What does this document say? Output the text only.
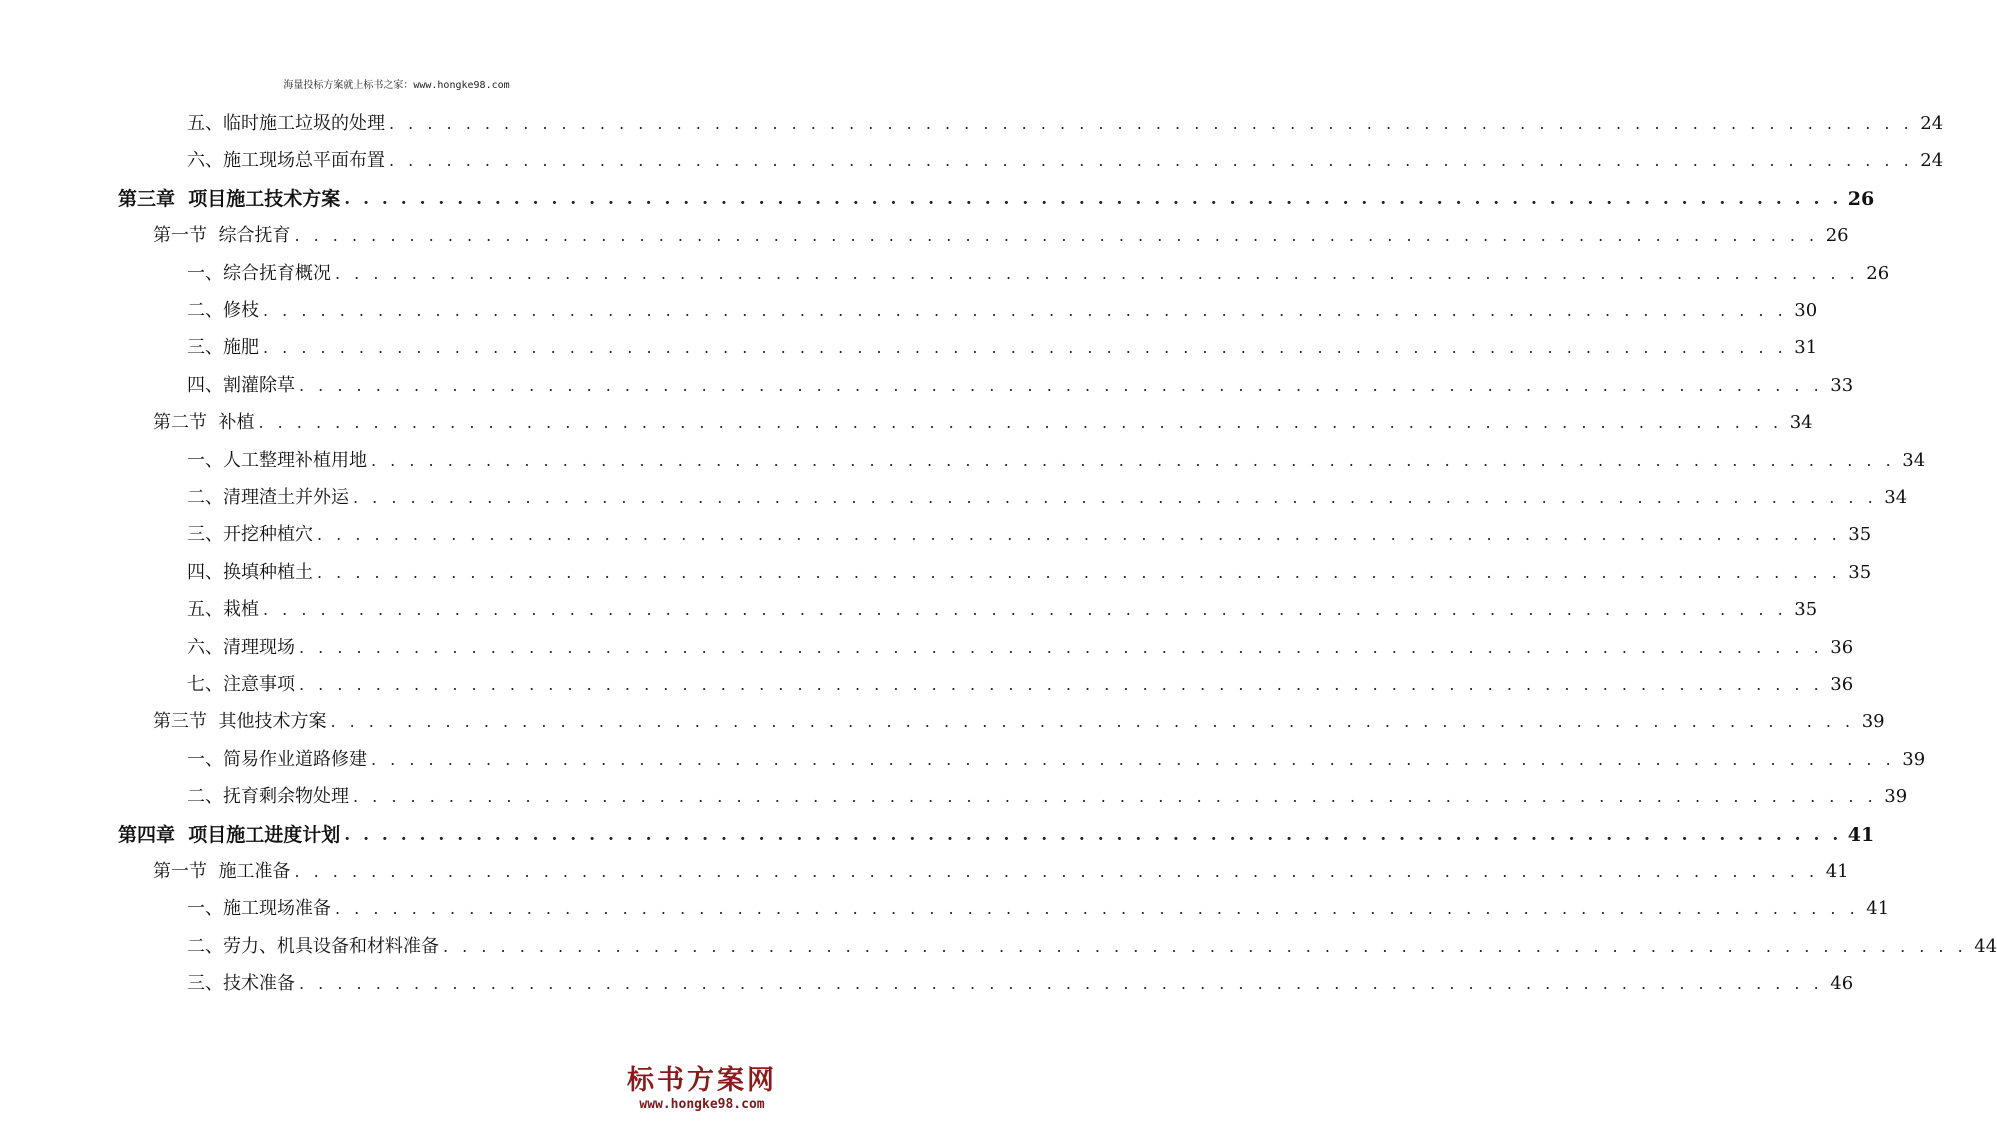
海量投标方案就上标书之家：www.hongke98.com
五、临时施工垃圾的处理 . . . . . . . . . . . . . . . . . . . . . . . . . . . . . . . . . . . . . . . . . . . . . . . . . . . . . . . . . . . . . . . . . . . . . . . . . . . . . . . . 24
六、施工现场总平面布置 . . . . . . . . . . . . . . . . . . . . . . . . . . . . . . . . . . . . . . . . . . . . . . . . . . . . . . . . . . . . . . . . . . . . . . . . . . . . . . . . 24
第三章  项目施工技术方案 . . . . . . . . . . . . . . . . . . . . . . . . . . . . . . . . . . . . . . . . . . . . . . . . . . . . . . . . . . . . . . . . . . . . . . . . . . . . . . . . 26
第一节  综合抚育 . . . . . . . . . . . . . . . . . . . . . . . . . . . . . . . . . . . . . . . . . . . . . . . . . . . . . . . . . . . . . . . . . . . . . . . . . . . . . . . . 26
一、综合抚育概况 . . . . . . . . . . . . . . . . . . . . . . . . . . . . . . . . . . . . . . . . . . . . . . . . . . . . . . . . . . . . . . . . . . . . . . . . . . . . . . . . 26
二、修枝 . . . . . . . . . . . . . . . . . . . . . . . . . . . . . . . . . . . . . . . . . . . . . . . . . . . . . . . . . . . . . . . . . . . . . . . . . . . . . . . . 30
三、施肥 . . . . . . . . . . . . . . . . . . . . . . . . . . . . . . . . . . . . . . . . . . . . . . . . . . . . . . . . . . . . . . . . . . . . . . . . . . . . . . . . 31
四、割灌除草 . . . . . . . . . . . . . . . . . . . . . . . . . . . . . . . . . . . . . . . . . . . . . . . . . . . . . . . . . . . . . . . . . . . . . . . . . . . . . . . . 33
第二节  补植 . . . . . . . . . . . . . . . . . . . . . . . . . . . . . . . . . . . . . . . . . . . . . . . . . . . . . . . . . . . . . . . . . . . . . . . . . . . . . . . . 34
一、人工整理补植用地 . . . . . . . . . . . . . . . . . . . . . . . . . . . . . . . . . . . . . . . . . . . . . . . . . . . . . . . . . . . . . . . . . . . . . . . . . . . . . . . . 34
二、清理渣土并外运 . . . . . . . . . . . . . . . . . . . . . . . . . . . . . . . . . . . . . . . . . . . . . . . . . . . . . . . . . . . . . . . . . . . . . . . . . . . . . . . . 34
三、开挖种植穴 . . . . . . . . . . . . . . . . . . . . . . . . . . . . . . . . . . . . . . . . . . . . . . . . . . . . . . . . . . . . . . . . . . . . . . . . . . . . . . . . 35
四、换填种植土 . . . . . . . . . . . . . . . . . . . . . . . . . . . . . . . . . . . . . . . . . . . . . . . . . . . . . . . . . . . . . . . . . . . . . . . . . . . . . . . . 35
五、栽植 . . . . . . . . . . . . . . . . . . . . . . . . . . . . . . . . . . . . . . . . . . . . . . . . . . . . . . . . . . . . . . . . . . . . . . . . . . . . . . . . 35
六、清理现场 . . . . . . . . . . . . . . . . . . . . . . . . . . . . . . . . . . . . . . . . . . . . . . . . . . . . . . . . . . . . . . . . . . . . . . . . . . . . . . . . 36
七、注意事项 . . . . . . . . . . . . . . . . . . . . . . . . . . . . . . . . . . . . . . . . . . . . . . . . . . . . . . . . . . . . . . . . . . . . . . . . . . . . . . . . 36
第三节  其他技术方案 . . . . . . . . . . . . . . . . . . . . . . . . . . . . . . . . . . . . . . . . . . . . . . . . . . . . . . . . . . . . . . . . . . . . . . . . . . . . . . . . 39
一、简易作业道路修建 . . . . . . . . . . . . . . . . . . . . . . . . . . . . . . . . . . . . . . . . . . . . . . . . . . . . . . . . . . . . . . . . . . . . . . . . . . . . . . . . 39
二、抚育剩余物处理 . . . . . . . . . . . . . . . . . . . . . . . . . . . . . . . . . . . . . . . . . . . . . . . . . . . . . . . . . . . . . . . . . . . . . . . . . . . . . . . . 39
第四章  项目施工进度计划 . . . . . . . . . . . . . . . . . . . . . . . . . . . . . . . . . . . . . . . . . . . . . . . . . . . . . . . . . . . . . . . . . . . . . . . . . . . . . . . . 41
第一节  施工准备 . . . . . . . . . . . . . . . . . . . . . . . . . . . . . . . . . . . . . . . . . . . . . . . . . . . . . . . . . . . . . . . . . . . . . . . . . . . . . . . . 41
一、施工现场准备 . . . . . . . . . . . . . . . . . . . . . . . . . . . . . . . . . . . . . . . . . . . . . . . . . . . . . . . . . . . . . . . . . . . . . . . . . . . . . . . . 41
二、劳力、机具设备和材料准备 . . . . . . . . . . . . . . . . . . . . . . . . . . . . . . . . . . . . . . . . . . . . . . . . . . . . . . . . . . . . . . . . . . . . . . . . . . . . . . . . 44
三、技术准备 . . . . . . . . . . . . . . . . . . . . . . . . . . . . . . . . . . . . . . . . . . . . . . . . . . . . . . . . . . . . . . . . . . . . . . . . . . . . . . . . 46
标书方案网
www.hongke98.com
